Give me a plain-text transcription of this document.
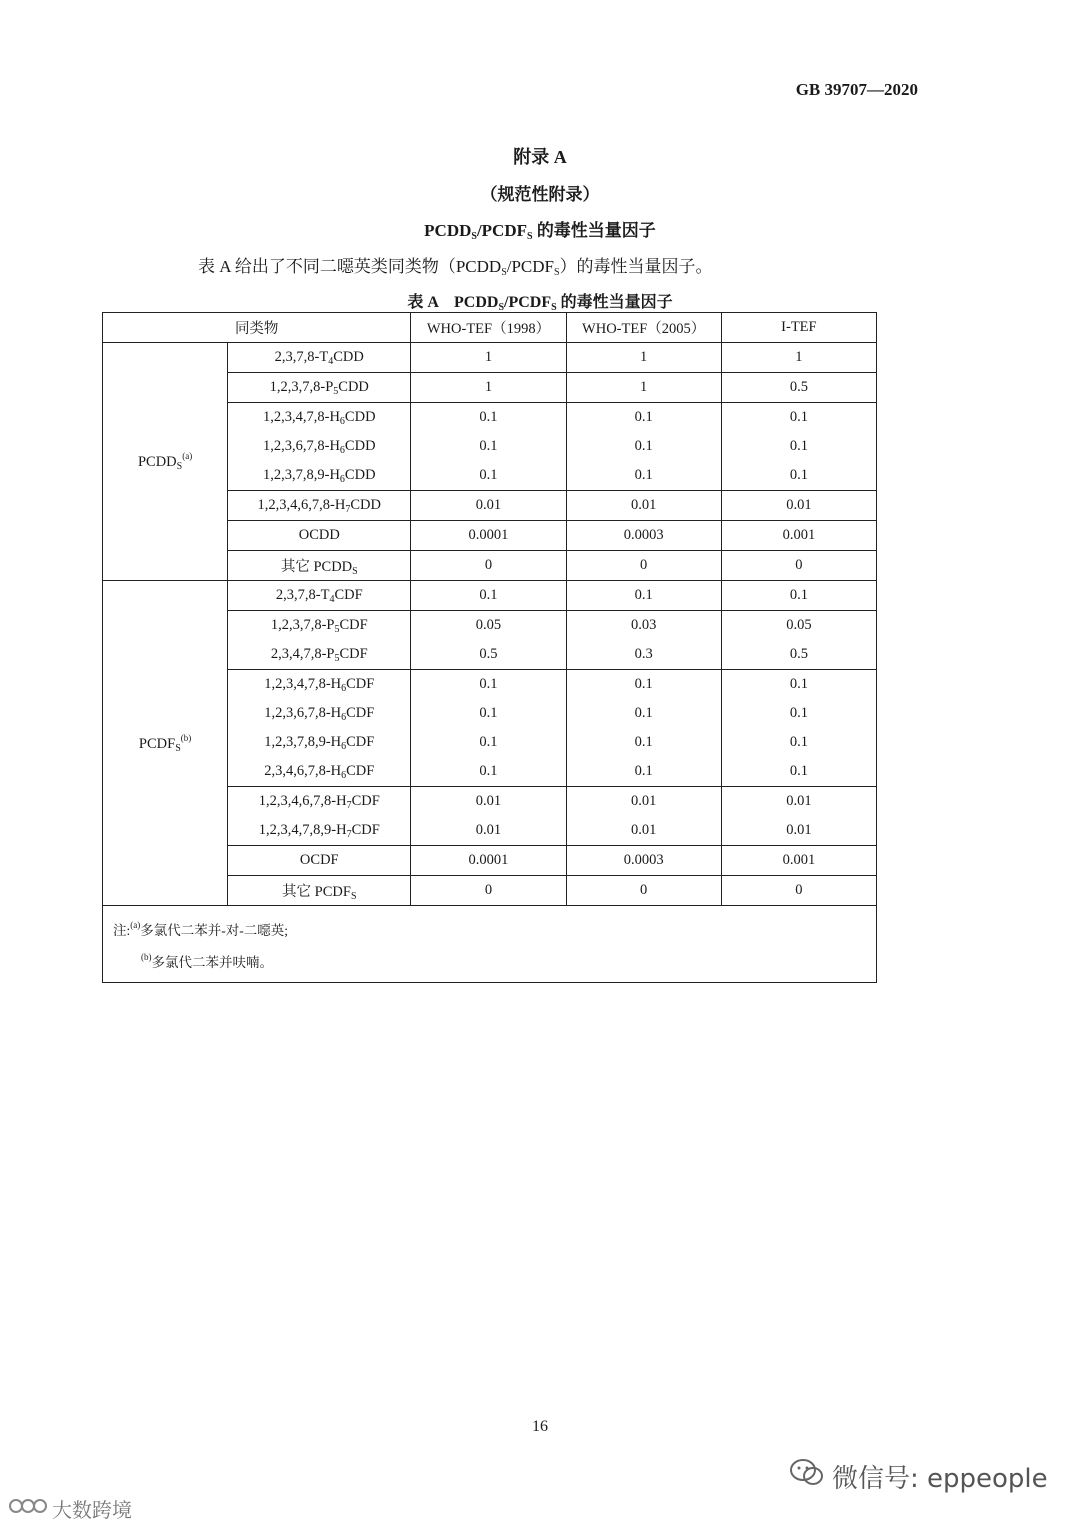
GB 39707—2020
附录 A
（规范性附录）
$PCDD_S/PCDF_S$ 的毒性当量因子
表 A 给出了不同二噁英类同类物$(PCDD_S/PCDF_S)$的毒性当量因子。
表 A　$PCDD_S/PCDF_S$ 的毒性当量因子
同类物		WHO-TEF（1998）	WHO-TEF（2005）	I-TEF
$PCDD_S^{(a)}$	$2,3,7,8-T_4CDD$	1	1	1
	$1,2,3,7,8-P_5CDD$	1	1	0.5
	$1,2,3,4,7,8-H_6CDD$	0.1	0.1	0.1
	$1,2,3,6,7,8-H_6CDD$	0.1	0.1	0.1
	$1,2,3,7,8,9-H_6CDD$	0.1	0.1	0.1
	$1,2,3,4,6,7,8-H_7CDD$	0.01	0.01	0.01
	OCDD	0.0001	0.0003	0.001
	其它 $PCDD_S$	0	0	0
$PCDF_S^{(b)}$	$2,3,7,8-T_4CDF$	0.1	0.1	0.1
	$1,2,3,7,8-P_5CDF$	0.05	0.03	0.05
	$2,3,4,7,8-P_5CDF$	0.5	0.3	0.5
	$1,2,3,4,7,8-H_6CDF$	0.1	0.1	0.1
	$1,2,3,6,7,8-H_6CDF$	0.1	0.1	0.1
	$1,2,3,7,8,9-H_6CDF$	0.1	0.1	0.1
	$2,3,4,6,7,8-H_6CDF$	0.1	0.1	0.1
	$1,2,3,4,6,7,8-H_7CDF$	0.01	0.01	0.01
	$1,2,3,4,7,8,9-H_7CDF$	0.01	0.01	0.01
	OCDF	0.0001	0.0003	0.001
	其它 $PCDF_S$	0	0	0

注:$^{(a)}$多氯代二苯并-对-二噁英;
$^{(b)}$多氯代二苯并呋喃。				
16
微信号: eppeople
大数跨境
